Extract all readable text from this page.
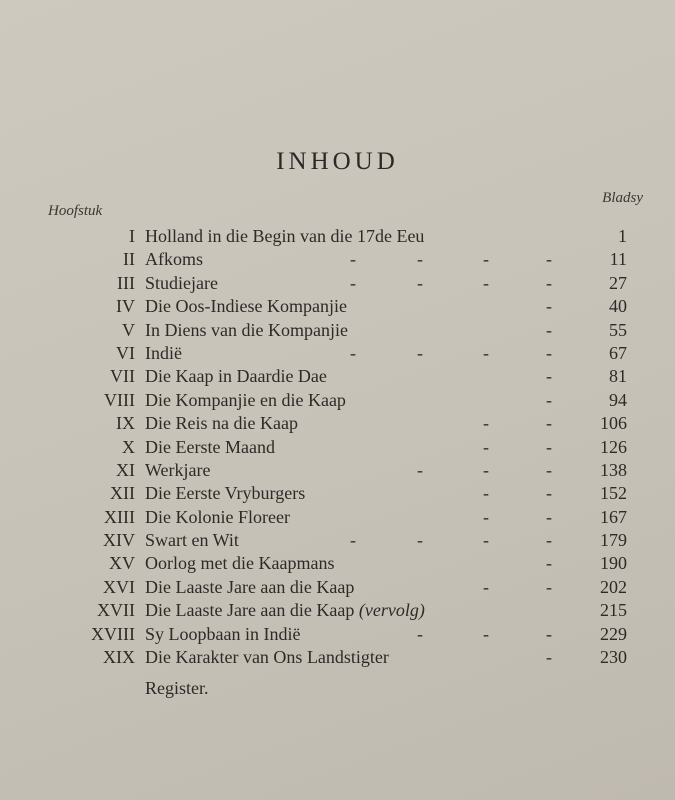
INHOUD
Hoofstuk
Bladsy
I Holland in die Begin van die 17de Eeu	1
II Afkoms	-	-	-	-	11
III Studiejare	-	-	-	-	27
IV Die Oos-Indiese Kompanjie	-	40
V In Diens van die Kompanjie	-	55
VI Indië	-	-	-	-	67
VII Die Kaap in Daardie Dae	-	81
VIII Die Kompanjie en die Kaap	-	94
IX Die Reis na die Kaap	-	-	106
X Die Eerste Maand	-	-	126
XI Werkjare	-	-	-	138
XII Die Eerste Vryburgers	-	-	152
XIII Die Kolonie Floreer	-	-	167
XIV Swart en Wit	-	-	-	-	179
XV Oorlog met die Kaapmans	-	190
XVI Die Laaste Jare aan die Kaap	-	-	202
XVII Die Laaste Jare aan die Kaap (vervolg)	215
XVIII Sy Loopbaan in Indië	-	-	-	229
XIX Die Karakter van Ons Landstigter	-	230
Register.
